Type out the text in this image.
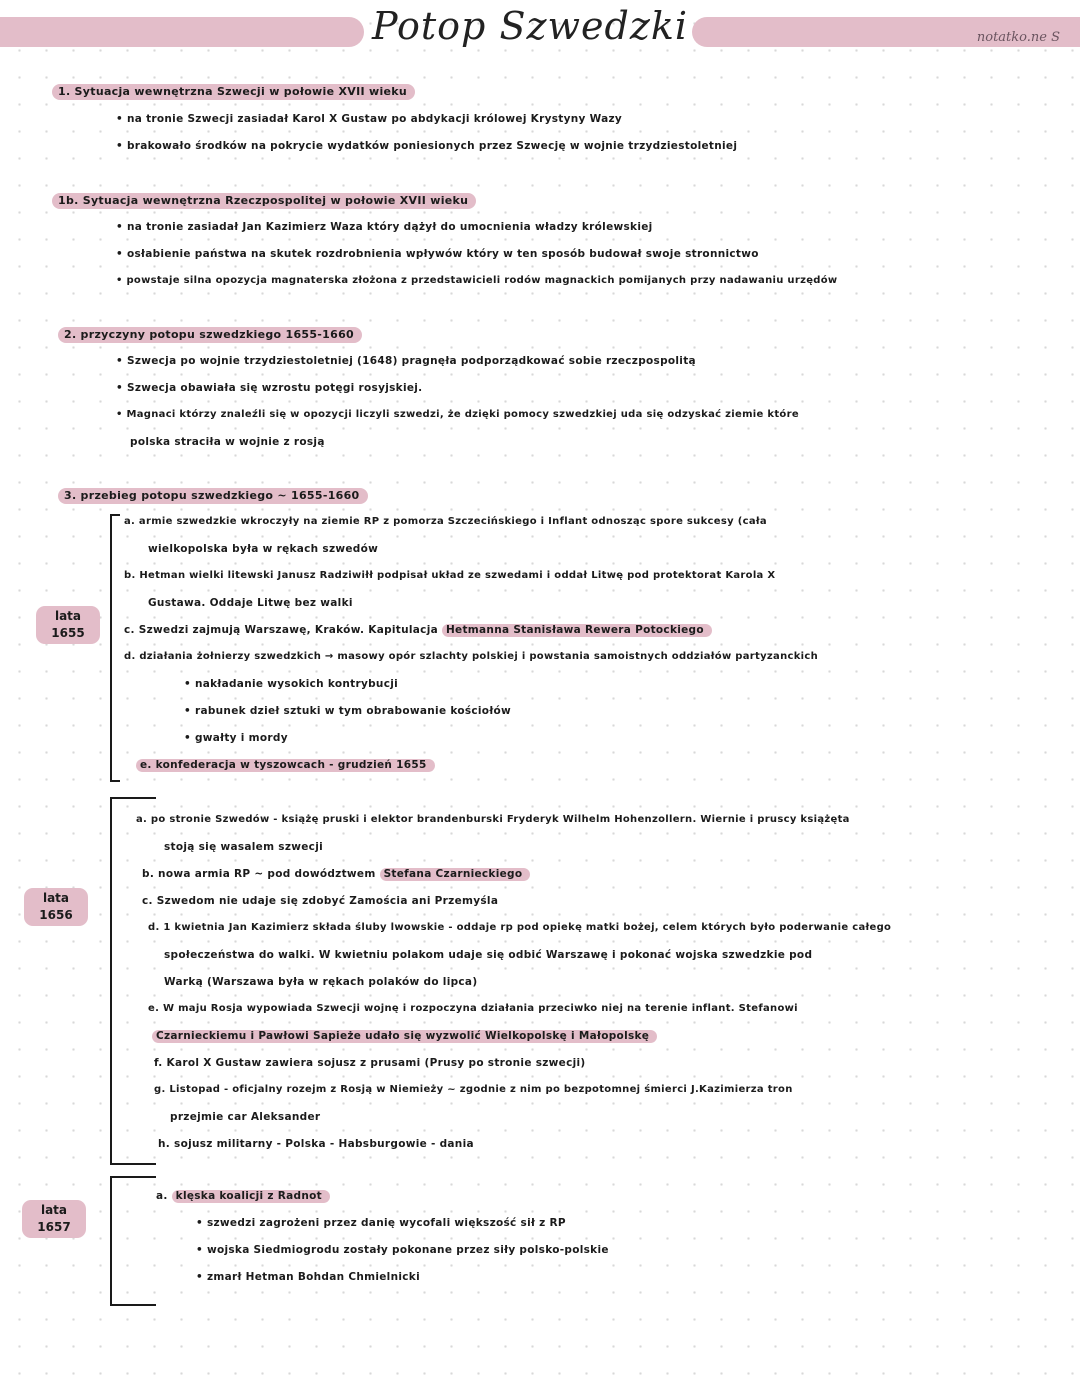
Potop Szwedzki	notatko.ne S
1. Sytuacja wewnętrzna Szwecji w połowie XVII wieku
• na tronie Szwecji zasiadał Karol X Gustaw po abdykacji królowej Krystyny Wazy
• brakowało środków na pokrycie wydatków poniesionych przez Szwecję w wojnie trzydziestoletniej
1b. Sytuacja wewnętrzna Rzeczpospolitej w połowie XVII wieku
• na tronie zasiadał Jan Kazimierz Waza który dążył do umocnienia władzy królewskiej
• osłabienie państwa na skutek rozdrobnienia wpływów który w ten sposób budował swoje stronnictwo
• powstaje silna opozycja magnaterska złożona z przedstawicieli rodów magnackich pomijanych przy nadawaniu urzędów
2. przyczyny potopu szwedzkiego 1655-1660
• Szwecja po wojnie trzydziestoletniej (1648) pragnęła podporządkować sobie rzeczpospolitą
• Szwecja obawiała się wzrostu potęgi rosyjskiej.
• Magnaci którzy znaleźli się w opozycji liczyli szwedzi, że dzięki pomocy szwedzkiej uda się odzyskać ziemie które
polska straciła w wojnie z rosją
3. przebieg potopu szwedzkiego ~ 1655-1660
lata 1655
a. armie szwedzkie wkroczyły na ziemie RP z pomorza Szczecińskiego i Inflant odnosząc spore sukcesy (cała
wielkopolska była w rękach szwedów
b. Hetman wielki litewski Janusz Radziwiłł podpisał układ ze szwedami i oddał Litwę pod protektorat Karola X
Gustawa. Oddaje Litwę bez walki
c. Szwedzi zajmują Warszawę, Kraków. Kapitulacja Hetmanna Stanisława Rewera Potockiego
d. działania żołnierzy szwedzkich → masowy opór szlachty polskiej i powstania samoistnych oddziałów partyzanckich
• nakładanie wysokich kontrybucji
• rabunek dzieł sztuki w tym obrabowanie kościołów
• gwałty i mordy
e. konfederacja w tyszowcach - grudzień 1655
lata 1656
a. po stronie Szwedów - książę pruski i elektor brandenburski Fryderyk Wilhelm Hohenzollern. Wiernie i pruscy książęta
stoją się wasalem szwecji
b. nowa armia RP ~ pod dowództwem Stefana Czarnieckiego
c. Szwedom nie udaje się zdobyć Zamościa ani Przemyśla
d. 1 kwietnia Jan Kazimierz składa śluby lwowskie - oddaje rp pod opiekę matki bożej, celem których było poderwanie całego
społeczeństwa do walki. W kwietniu polakom udaje się odbić Warszawę i pokonać wojska szwedzkie pod
Warką (Warszawa była w rękach polaków do lipca)
e. W maju Rosja wypowiada Szwecji wojnę i rozpoczyna działania przeciwko niej na terenie inflant. Stefanowi
Czarnieckiemu i Pawłowi Sapieże udało się wyzwolić Wielkopolskę i Małopolskę
f. Karol X Gustaw zawiera sojusz z prusami (Prusy po stronie szwecji)
g. Listopad - oficjalny rozejm z Rosją w Niemieży ~ zgodnie z nim po bezpotomnej śmierci J.Kazimierza tron
przejmie car Aleksander
h. sojusz militarny - Polska - Habsburgowie - dania
lata 1657
a. klęska koalicji z Radnot
• szwedzi zagrożeni przez danię wycofali większość sił z RP
• wojska Siedmiogrodu zostały pokonane przez siły polsko-polskie
• zmarł Hetman Bohdan Chmielnicki
